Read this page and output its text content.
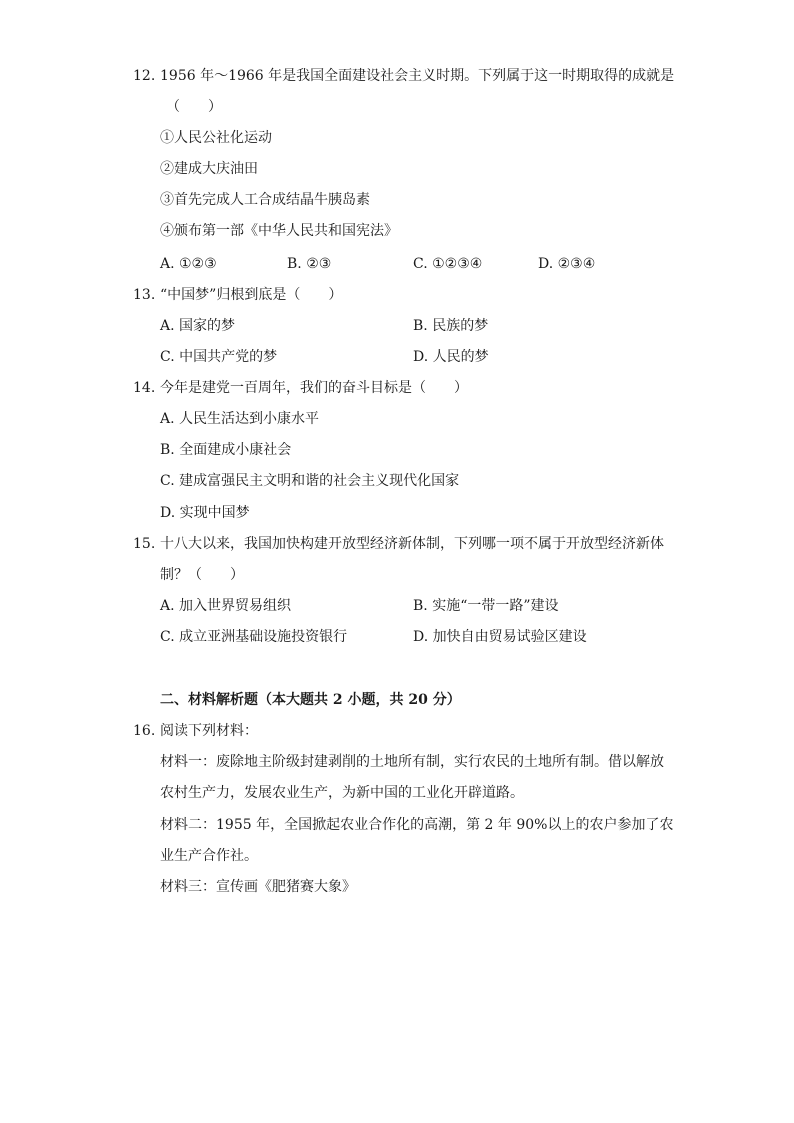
12. 1956 年～1966 年是我国全面建设社会主义时期。下列属于这一时期取得的成就是
（　　）
①人民公社化运动
②建成大庆油田
③首先完成人工合成结晶牛胰岛素
④颁布第一部《中华人民共和国宪法》
A. ①②③	B. ②③	C. ①②③④	D. ②③④
13. “中国梦”归根到底是（　　）
A. 国家的梦	B. 民族的梦
C. 中国共产党的梦	D. 人民的梦
14. 今年是建党一百周年，我们的奋斗目标是（　　）
A. 人民生活达到小康水平
B. 全面建成小康社会
C. 建成富强民主文明和谐的社会主义现代化国家
D. 实现中国梦
15. 十八大以来，我国加快构建开放型经济新体制，下列哪一项不属于开放型经济新体
制？（　　）
A. 加入世界贸易组织	B. 实施“一带一路”建设
C. 成立亚洲基础设施投资银行	D. 加快自由贸易试验区建设
二、材料解析题（本大题共 2 小题，共 20 分）
16. 阅读下列材料：
材料一：废除地主阶级封建剥削的土地所有制，实行农民的土地所有制。借以解放
农村生产力，发展农业生产，为新中国的工业化开辟道路。
材料二：1955 年，全国掀起农业合作化的高潮，第 2 年 90%以上的农户参加了农
业生产合作社。
材料三：宣传画《肥猪赛大象》
